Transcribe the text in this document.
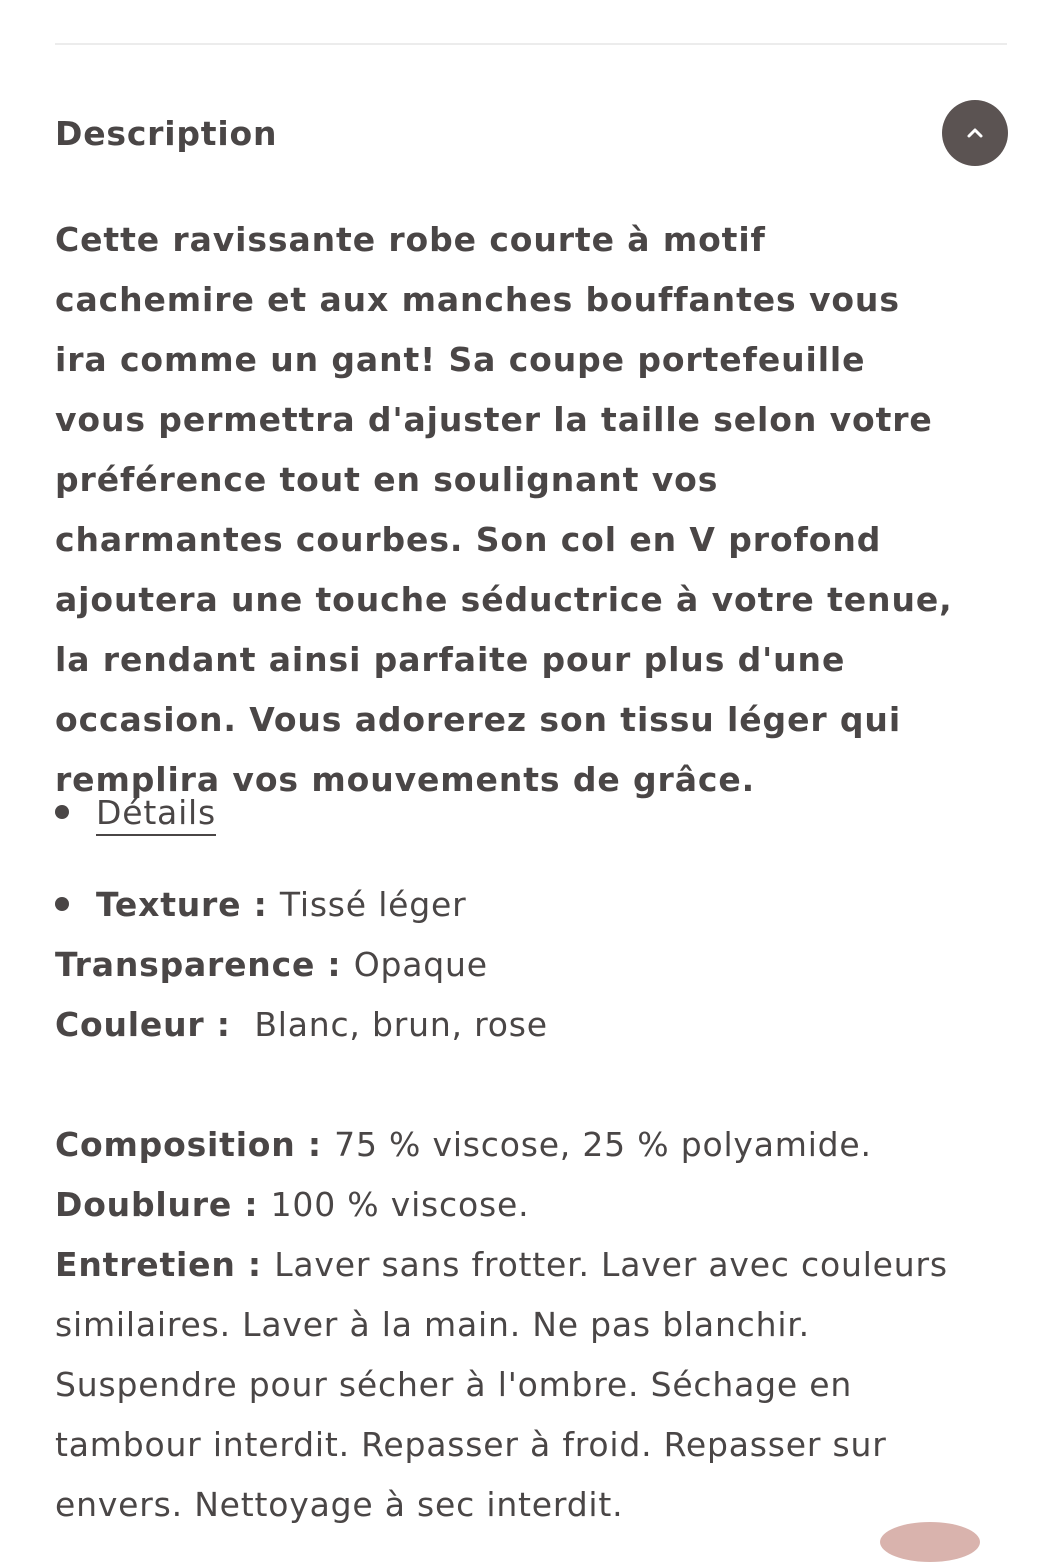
Description

Cette ravissante robe courte à motif cachemire et aux manches bouffantes vous ira comme un gant! Sa coupe portefeuille vous permettra d'ajuster la taille selon votre préférence tout en soulignant vos charmantes courbes. Son col en V profond ajoutera une touche séductrice à votre tenue, la rendant ainsi parfaite pour plus d'une occasion. Vous adorerez son tissu léger qui remplira vos mouvements de grâce.

Détails
Texture : Tissé léger
Transparence : Opaque
Couleur :  Blanc, brun, rose
Composition : 75 % viscose, 25 % polyamide.
Doublure : 100 % viscose.

Entretien : Laver sans frotter. Laver avec couleurs similaires. Laver à la main. Ne pas blanchir. Suspendre pour sécher à l'ombre. Séchage en tambour interdit. Repasser à froid. Repasser sur envers. Nettoyage à sec interdit.
